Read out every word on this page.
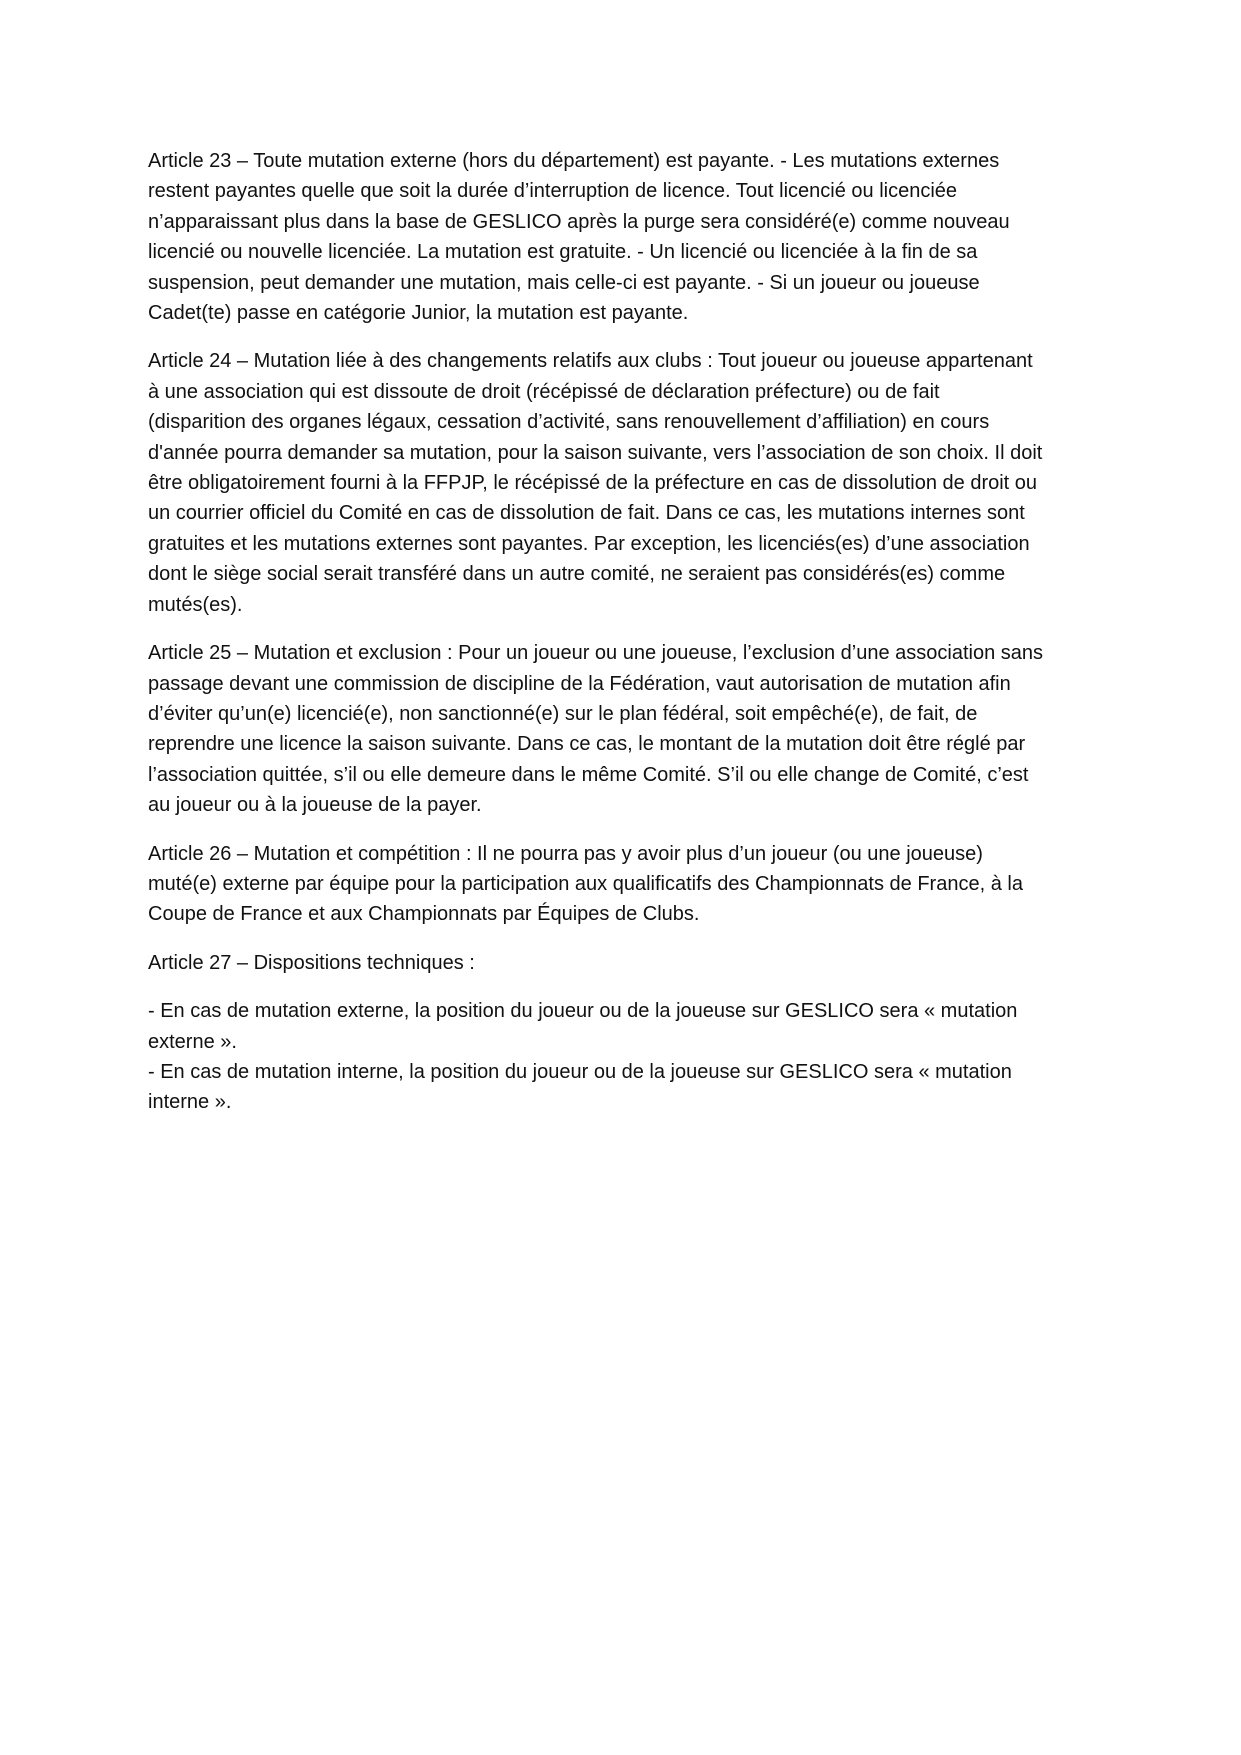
Article 23 – Toute mutation externe (hors du département) est payante. - Les mutations externes
restent payantes quelle que soit la durée d’interruption de licence. Tout licencié ou licenciée
n’apparaissant plus dans la base de GESLICO après la purge sera considéré(e) comme nouveau
licencié ou nouvelle licenciée. La mutation est gratuite. - Un licencié ou licenciée à la fin de sa
suspension, peut demander une mutation, mais celle-ci est payante. - Si un joueur ou joueuse
Cadet(te) passe en catégorie Junior, la mutation est payante.

Article 24 – Mutation liée à des changements relatifs aux clubs : Tout joueur ou joueuse appartenant
à une association qui est dissoute de droit (récépissé de déclaration préfecture) ou de fait
(disparition des organes légaux, cessation d’activité, sans renouvellement d’affiliation) en cours
d'année pourra demander sa mutation, pour la saison suivante, vers l’association de son choix. Il doit
être obligatoirement fourni à la FFPJP, le récépissé de la préfecture en cas de dissolution de droit ou
un courrier officiel du Comité en cas de dissolution de fait. Dans ce cas, les mutations internes sont
gratuites et les mutations externes sont payantes. Par exception, les licenciés(es) d’une association
dont le siège social serait transféré dans un autre comité, ne seraient pas considérés(es) comme
mutés(es).

Article 25 – Mutation et exclusion : Pour un joueur ou une joueuse, l’exclusion d’une association sans
passage devant une commission de discipline de la Fédération, vaut autorisation de mutation afin
d’éviter qu’un(e) licencié(e), non sanctionné(e) sur le plan fédéral, soit empêché(e), de fait, de
reprendre une licence la saison suivante. Dans ce cas, le montant de la mutation doit être réglé par
l’association quittée, s’il ou elle demeure dans le même Comité. S’il ou elle change de Comité, c’est
au joueur ou à la joueuse de la payer.

Article 26 – Mutation et compétition : Il ne pourra pas y avoir plus d’un joueur (ou une joueuse)
muté(e) externe par équipe pour la participation aux qualificatifs des Championnats de France, à la
Coupe de France et aux Championnats par Équipes de Clubs.

Article 27 – Dispositions techniques :

- En cas de mutation externe, la position du joueur ou de la joueuse sur GESLICO sera « mutation
externe ».
- En cas de mutation interne, la position du joueur ou de la joueuse sur GESLICO sera « mutation
interne ».
